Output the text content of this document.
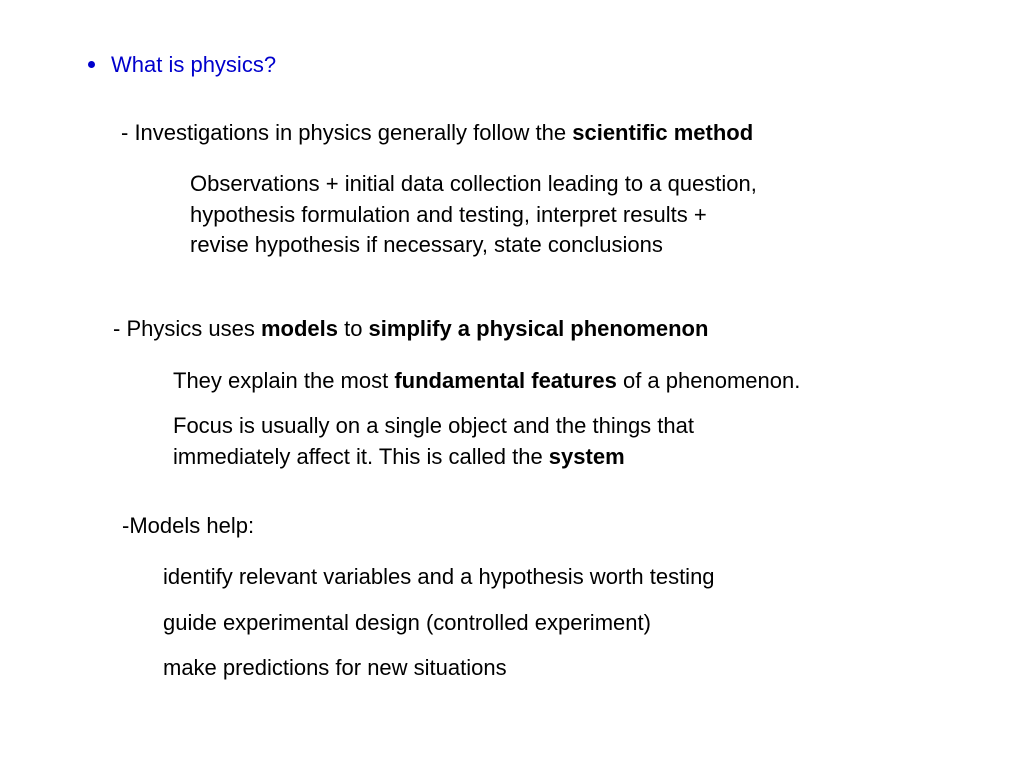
What is physics?
- Investigations in physics generally follow the scientific method
Observations + initial data collection leading to a question,
hypothesis formulation and testing, interpret results +
revise hypothesis if necessary, state conclusions
- Physics uses models to simplify a physical phenomenon
They explain the most fundamental features of a phenomenon.
Focus is usually on a single object and the things that
immediately affect it. This is called the system
-Models help:
identify relevant variables and a hypothesis worth testing
guide experimental design (controlled experiment)
make predictions for new situations
